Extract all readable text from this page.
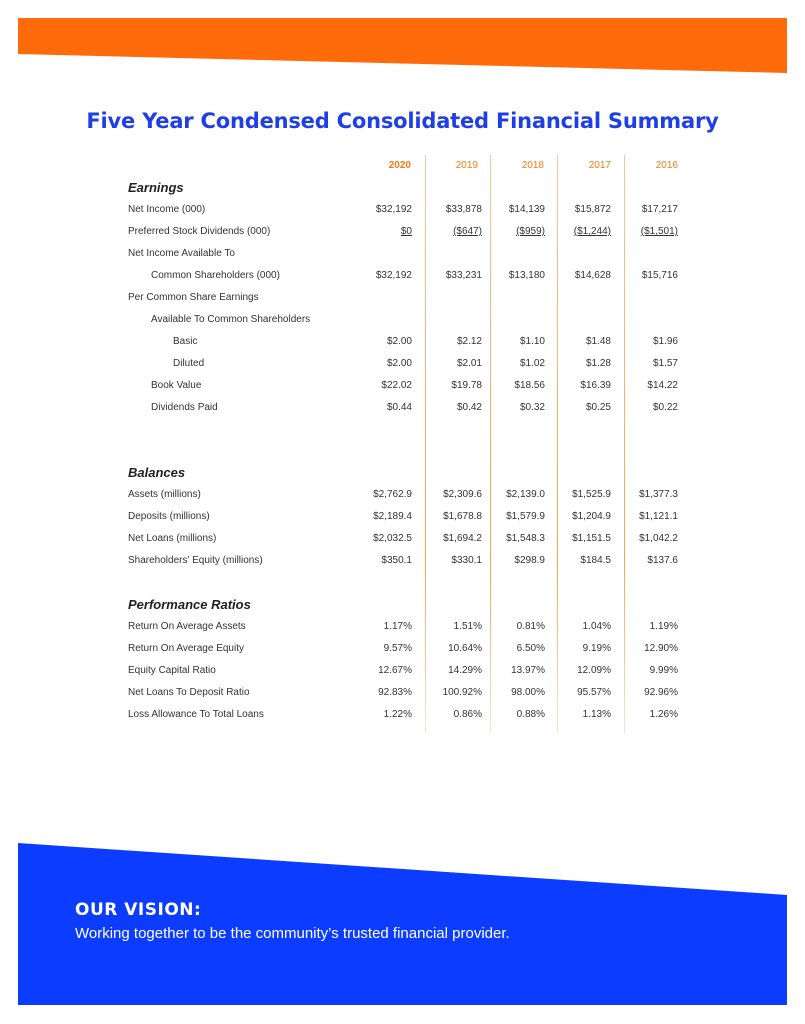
Five Year Condensed Consolidated Financial Summary
2020	2019	2018	2017	2016
Earnings
Net Income (000)	$32,192	$33,878	$14,139	$15,872	$17,217
Preferred Stock Dividends (000)	$0	($647)	($959)	($1,244)	($1,501)
Net Income Available To
Common Shareholders (000)	$32,192	$33,231	$13,180	$14,628	$15,716
Per Common Share Earnings
Available To Common Shareholders
Basic	$2.00	$2.12	$1.10	$1.48	$1.96
Diluted	$2.00	$2.01	$1.02	$1.28	$1.57
Book Value	$22.02	$19.78	$18.56	$16.39	$14.22
Dividends Paid	$0.44	$0.42	$0.32	$0.25	$0.22
Balances
Assets (millions)	$2,762.9	$2,309.6	$2,139.0	$1,525.9	$1,377.3
Deposits (millions)	$2,189.4	$1,678.8	$1,579.9	$1,204.9	$1,121.1
Net Loans (millions)	$2,032.5	$1,694.2	$1,548.3	$1,151.5	$1,042.2
Shareholders’ Equity (millions)	$350.1	$330.1	$298.9	$184.5	$137.6
Performance Ratios
Return On Average Assets	1.17%	1.51%	0.81%	1.04%	1.19%
Return On Average Equity	9.57%	10.64%	6.50%	9.19%	12.90%
Equity Capital Ratio	12.67%	14.29%	13.97%	12.09%	9.99%
Net Loans To Deposit Ratio	92.83%	100.92%	98.00%	95.57%	92.96%
Loss Allowance To Total Loans	1.22%	0.86%	0.88%	1.13%	1.26%
OUR VISION:
Working together to be the community’s trusted financial provider.
